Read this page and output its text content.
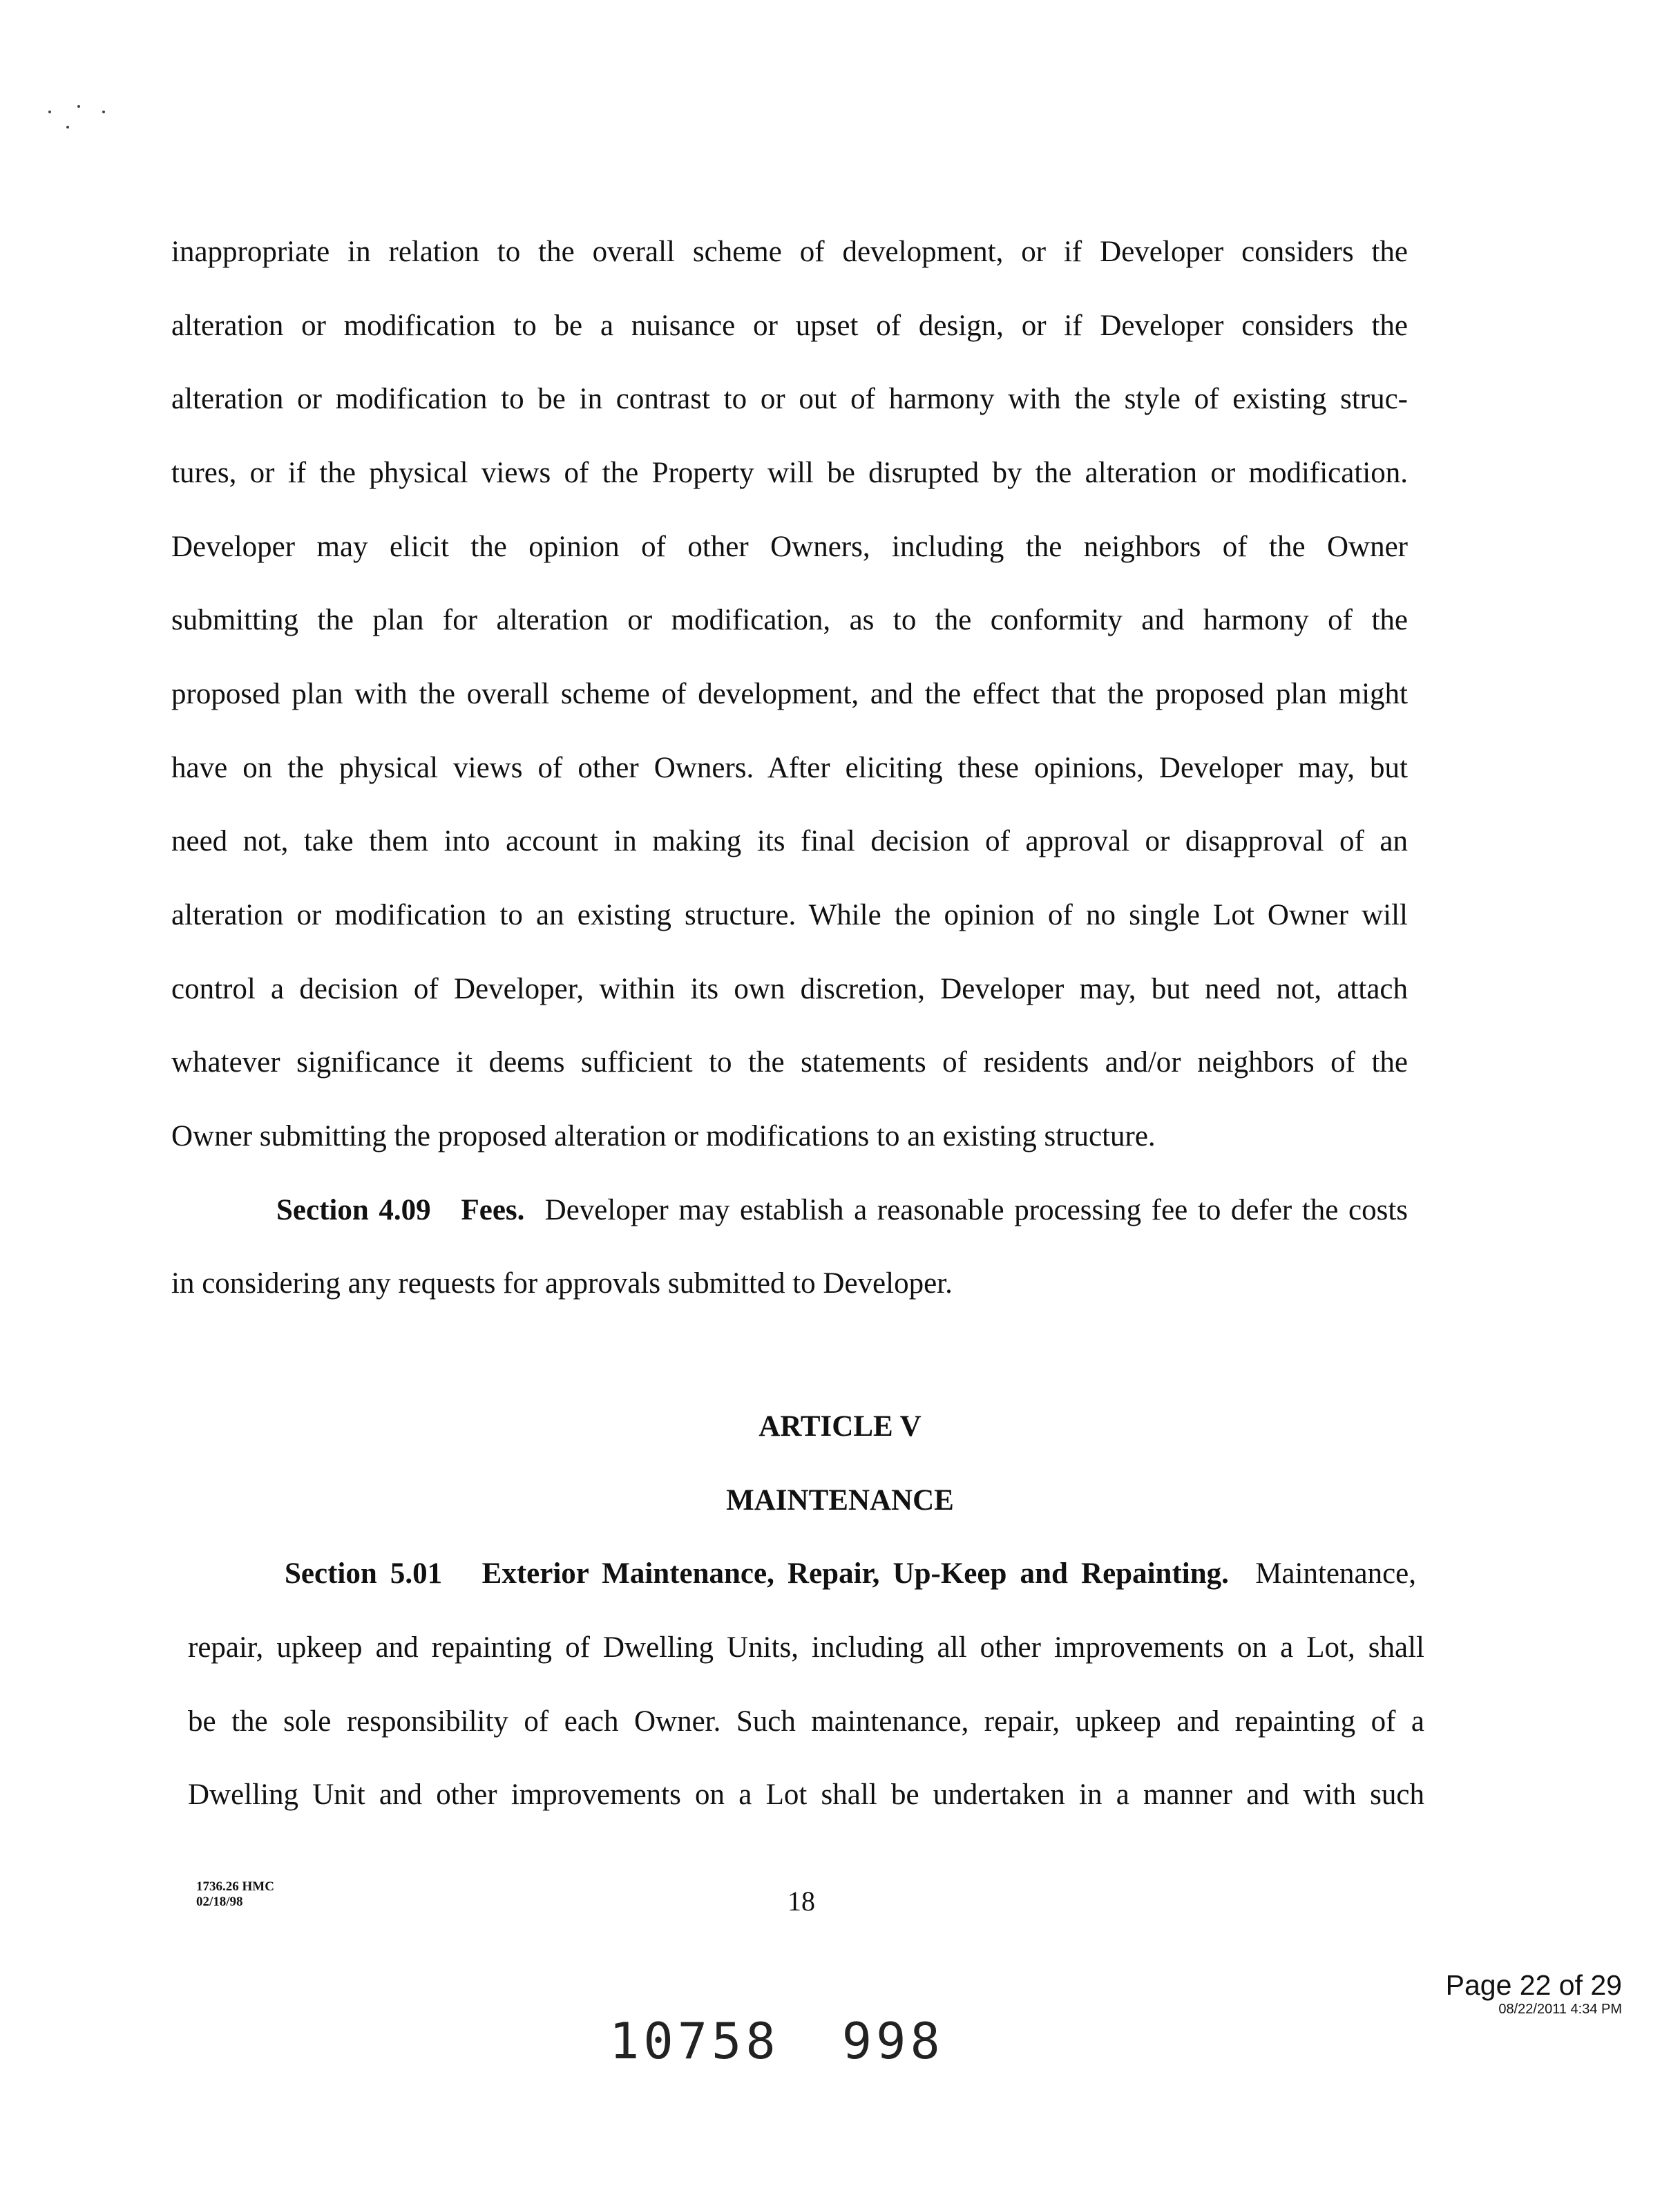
inappropriate in relation to the overall scheme of development, or if Developer considers the
alteration or modification to be a nuisance or upset of design, or if Developer considers the
alteration or modification to be in contrast to or out of harmony with the style of existing struc-
tures, or if the physical views of the Property will be disrupted by the alteration or modification.
Developer may elicit the opinion of other Owners, including the neighbors of the Owner
submitting the plan for alteration or modification, as to the conformity and harmony of the
proposed plan with the overall scheme of development, and the effect that the proposed plan might
have on the physical views of other Owners. After eliciting these opinions, Developer may, but
need not, take them into account in making its final decision of approval or disapproval of an
alteration or modification to an existing structure. While the opinion of no single Lot Owner will
control a decision of Developer, within its own discretion, Developer may, but need not, attach
whatever significance it deems sufficient to the statements of residents and/or neighbors of the
Owner submitting the proposed alteration or modifications to an existing structure.
Section 4.09 Fees. Developer may establish a reasonable processing fee to defer the costs
in considering any requests for approvals submitted to Developer.
ARTICLE V
MAINTENANCE
Section 5.01 Exterior Maintenance, Repair, Up-Keep and Repainting. Maintenance,
repair, upkeep and repainting of Dwelling Units, including all other improvements on a Lot, shall
be the sole responsibility of each Owner. Such maintenance, repair, upkeep and repainting of a
Dwelling Unit and other improvements on a Lot shall be undertaken in a manner and with such
1736.26 HMC
02/18/98	18
Page 22 of 29
08/22/2011 4:34 PM
10758 998
